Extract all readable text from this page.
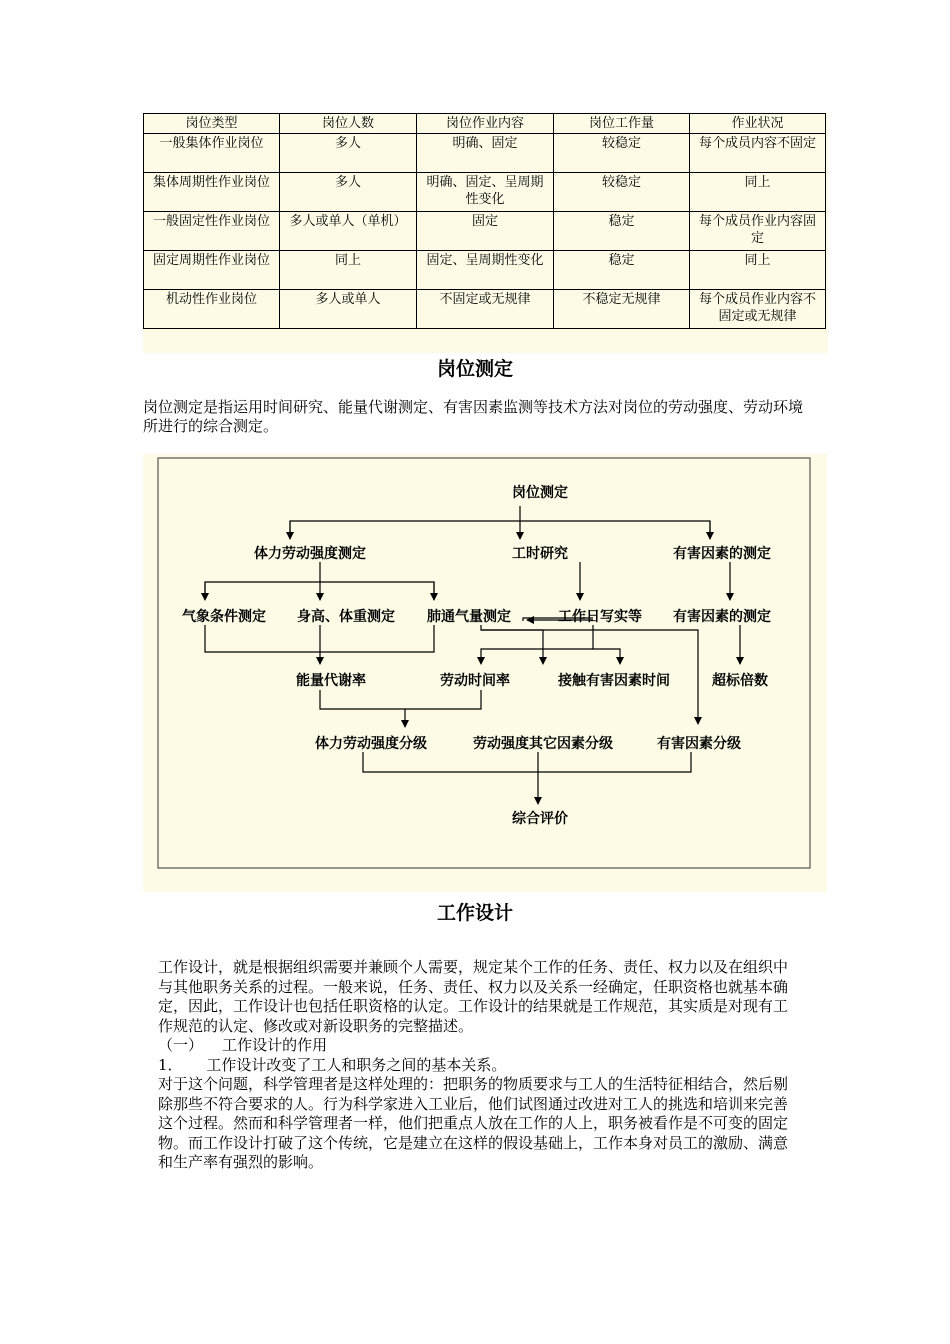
岗位类型	岗位人数	岗位作业内容	岗位工作量	作业状况
一般集体作业岗位	多人	明确、固定	较稳定	每个成员内容不固定
集体周期性作业岗位	多人	明确、固定、呈周期性变化	较稳定	同上
一般固定性作业岗位	多人或单人（单机）	固定	稳定	每个成员作业内容固定
固定周期性作业岗位	同上	固定、呈周期性变化	稳定	同上
机动性作业岗位	多人或单人	不固定或无规律	不稳定无规律	每个成员作业内容不固定或无规律
岗位测定
岗位测定是指运用时间研究、能量代谢测定、有害因素监测等技术方法对岗位的劳动强度、劳动环境所进行的综合测定。
岗位测定
体力劳动强度测定	工时研究	有害因素的测定
气象条件测定 身高、体重测定 肺通气量测定	工作日写实等 有害因素的测定
能量代谢率	劳动时间率	接触有害因素时间	超标倍数
体力劳动强度分级	劳动强度其它因素分级	有害因素分级
综合评价
工作设计

工作设计，就是根据组织需要并兼顾个人需要，规定某个工作的任务、责任、权力以及在组织中与其他职务关系的过程。一般来说，任务、责任、权力以及关系一经确定，任职资格也就基本确定，因此，工作设计也包括任职资格的认定。工作设计的结果就是工作规范，其实质是对现有工作规范的认定、修改或对新设职务的完整描述。

（一）    工作设计的作用

1．     工作设计改变了工人和职务之间的基本关系。

对于这个问题，科学管理者是这样处理的：把职务的物质要求与工人的生活特征相结合，然后剔除那些不符合要求的人。行为科学家进入工业后，他们试图通过改进对工人的挑选和培训来完善这个过程。然而和科学管理者一样，他们把重点人放在工作的人上，职务被看作是不可变的固定物。而工作设计打破了这个传统，它是建立在这样的假设基础上，工作本身对员工的激励、满意和生产率有强烈的影响。
